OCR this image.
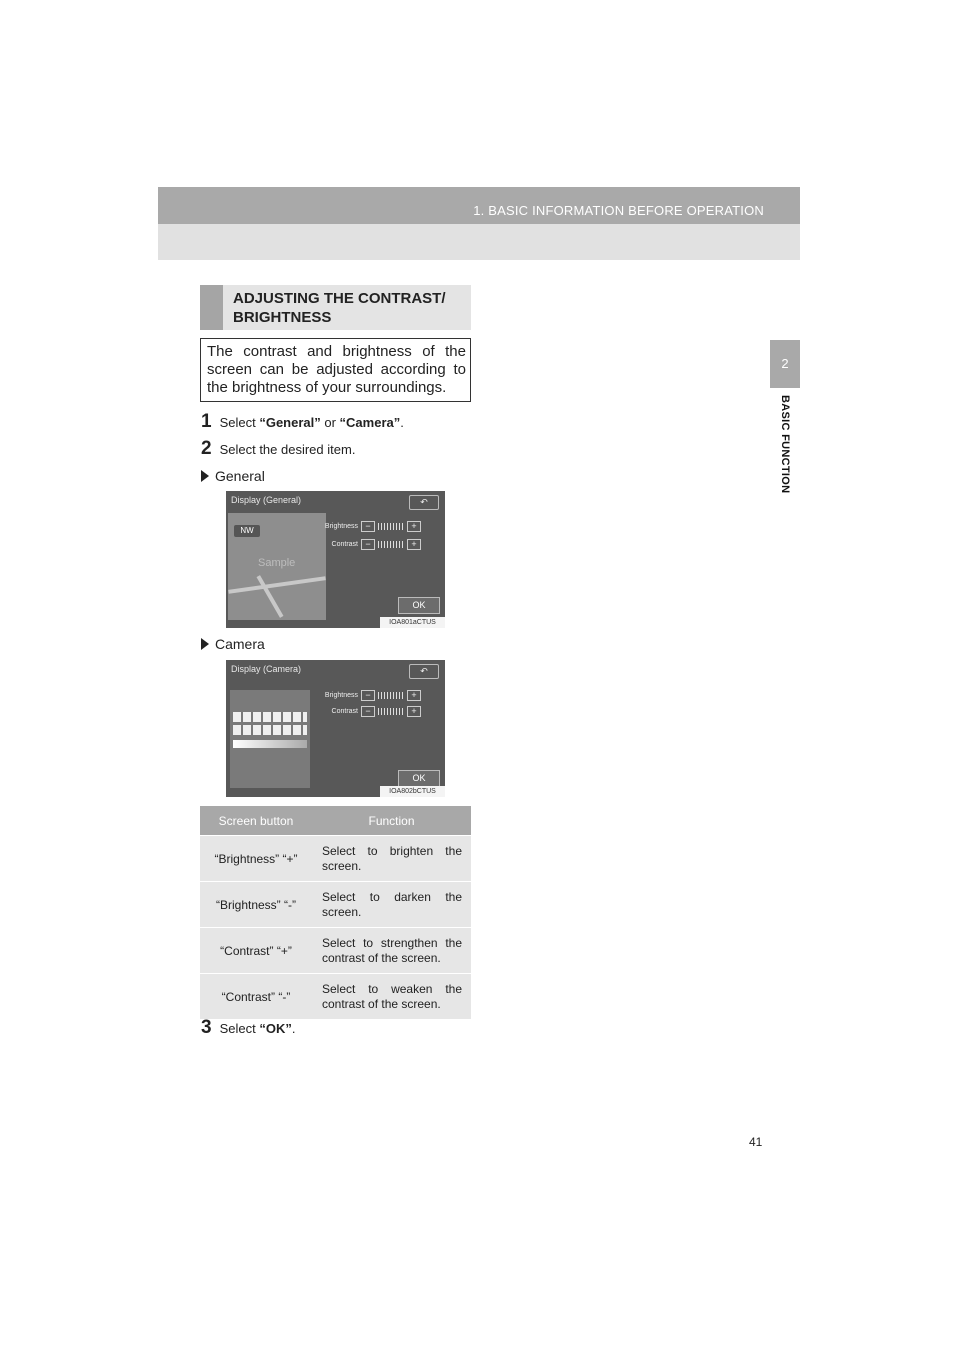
1. BASIC INFORMATION BEFORE OPERATION
2
BASIC FUNCTION
ADJUSTING THE CONTRAST/ BRIGHTNESS
The contrast and brightness of the screen can be adjusted according to the brightness of your surroundings.
1 Select “General” or “Camera”.
2 Select the desired item.
General
Display (General)	↶
NW
Sample
Brightness −	+
Contrast −	+
OK
IOA801aCTUS
Camera
Display (Camera)	↶
Brightness −	+
Contrast −	+
OK
IOA802bCTUS
Screen button	Function
“Brightness” “+”	Select to brighten the screen.
“Brightness” “-”	Select to darken the screen.
“Contrast” “+”	Select to strengthen the contrast of the screen.
“Contrast” “-”	Select to weaken the contrast of the screen.
3 Select “OK”.
41
